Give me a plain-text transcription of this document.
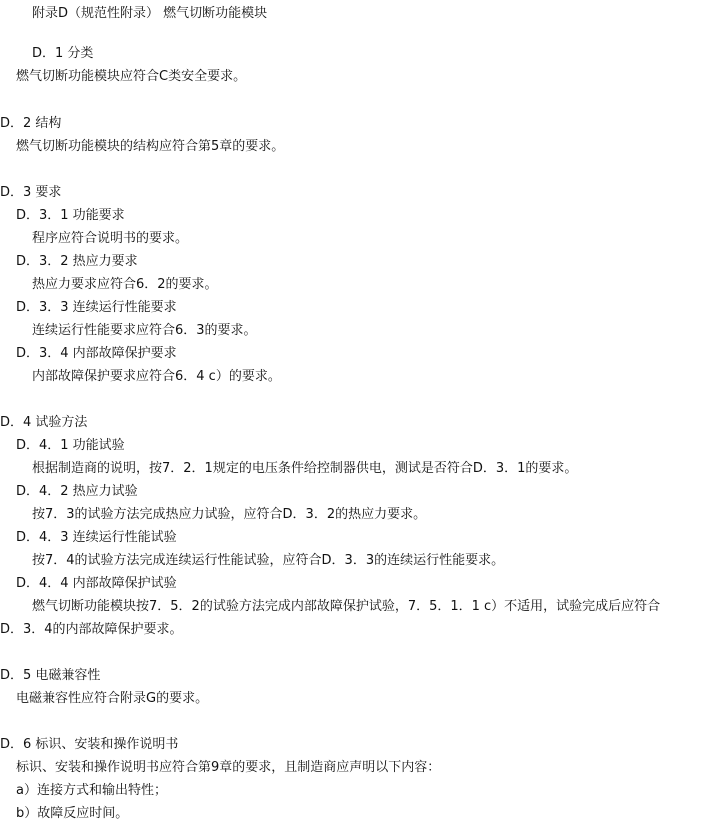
附录D（规范性附录） 燃气切断功能模块
D．1 分类
燃气切断功能模块应符合C类安全要求。
D．2 结构
燃气切断功能模块的结构应符合第5章的要求。
D．3 要求
D．3．1 功能要求
程序应符合说明书的要求。
D．3．2 热应力要求
热应力要求应符合6．2的要求。
D．3．3 连续运行性能要求
连续运行性能要求应符合6．3的要求。
D．3．4 内部故障保护要求
内部故障保护要求应符合6．4 c）的要求。
D．4 试验方法
D．4．1 功能试验
根据制造商的说明，按7．2．1规定的电压条件给控制器供电，测试是否符合D．3．1的要求。
D．4．2 热应力试验
按7．3的试验方法完成热应力试验，应符合D．3．2的热应力要求。
D．4．3 连续运行性能试验
按7．4的试验方法完成连续运行性能试验，应符合D．3．3的连续运行性能要求。
D．4．4 内部故障保护试验
燃气切断功能模块按7．5．2的试验方法完成内部故障保护试验，7．5．1．1 c）不适用，试验完成后应符合
D．3．4的内部故障保护要求。
D．5 电磁兼容性
电磁兼容性应符合附录G的要求。
D．6 标识、安装和操作说明书
标识、安装和操作说明书应符合第9章的要求，且制造商应声明以下内容：
a）连接方式和输出特性；
b）故障反应时间。
